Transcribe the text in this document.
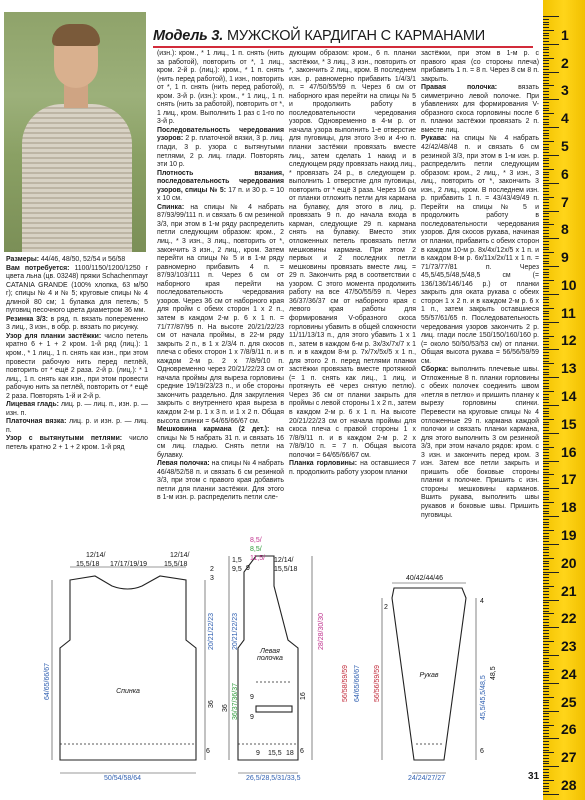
Модель 3. МУЖСКОЙ КАРДИГАН С КАРМАНАМИ

Размеры: 44/46, 48/50, 52/54 и 56/58

Вам потребуется: 1100/1150/1200/1250 г цветa льна (цв. 03248) пряжи Schachenmayr CATANIA GRANDE (100% хлопка, 63 м/50 г); спицы № 4 и № 5; круговые спицы № 4 длиной 80 см; 1 булавка для петель; 5 пуговиц песочного цвета диаметром 36 мм.

Резинка 3/3: в ряд. п. вязать попеременно 3 лиц., 3 изн., в обр. р. вязать по рисунку.

Узор для планки застёжки: число петель кратно 6 + 1 + 2 кром. 1-й ряд (лиц.): 1 кром., * 1 лиц., 1 п. снять как изн., при этом провести рабочую нить перед петлёй, повторить от * ещё 2 раза. 2-й р. (лиц.): * 1 лиц., 1 п. снять как изн., при этом провести рабочую нить за петлёй, повторить от * ещё 2 раза. Повторять 1-й и 2-й р.

Лицевая гладь: лиц. р. — лиц. п., изн. р. — изн. п.

Платочная вязка: лиц. р. и изн. р. — лиц. п.

Узор с вытянутыми петлями: число петель кратно 2 + 1 + 2 кром. 1-й ряд

(изн.): кром., * 1 лиц., 1 п. снять (нить за работой), повторить от *, 1 лиц., кром. 2-й р. (лиц.): кром., * 1 п. снять (нить перед работой), 1 изн., повторить от *, 1 п. снять (нить перед работой), кром. 3-й р. (изн.): кром., * 1 лиц., 1 п. снять (нить за работой), повторить от *, 1 лиц., кром. Выполнить 1 раз с 1-го по 3-й р.

Последовательность чередования узоров: 2 р. платочной вязки, 3 р. лиц. глади, 3 р. узора с вытянутыми петлями, 2 р. лиц. глади. Повторять эти 10 р.

Плотность вязания, последовательность чередования узоров, спицы № 5: 17 п. и 30 р. = 10 x 10 см.

Спинка: на спицы № 4 набрать 87/93/99/111 п. и связать 6 см резинкой 3/3, при этом в 1-м ряду распределить петли следующим образом: кром., 2 лиц., * 3 изн., 3 лиц., повторить от *, закончить 3 изн., 2 лиц., кром. Затем перейти на спицы № 5 и в 1-м ряду равномерно прибавить 4 п. = 87/93/103/111 п. Через 6 см от наборного края перейти на последовательность чередования узоров. Через 36 см от наборного края для пройм с обеих сторон 1 x 2 п., затем в каждом 2-м р. 6 x 1 п. = 71/77/87/95 п. На высоте 20/21/22/23 см от начала проймы, в 22-м ряду закрыть 2 п., в 1 x 2/3/4 п. для скосов плеча с обеих сторон 1 x 7/8/9/11 п. и в каждом 2-м р. 2 x 7/8/9/10 п. Одновременно через 20/21/22/23 см от начала проймы для выреза горловины средние 19/19/23/23 п., и обе стороны закончить раздельно. Для закругления закрыть с внутреннего края выреза в каждом 2-м р. 1 x 3 п. и 1 x 2 п. Общая высота спинки = 64/65/66/67 см.

Мешковина кармана (2 дет.): на спицы № 5 набрать 31 п. и связать 16 см лиц. гладью. Снять петли на булавку.

Левая полочка: на спицы № 4 набрать 46/48/52/58 п. и связать 6 см резинкой 3/3, при этом с правого края добавить петли для планки застёжки. Для этого в 1-м изн. р. распределить петли сле-

дующим образом: кром., 6 п. планки застёжки, * 3 лиц., 3 изн., повторить от *, закончить 2 лиц., кром. В последнем изн. р. равномерно прибавить 1/4/3/1 п. = 47/50/55/59 п. Через 6 см от наборного края перейти на спицы № 5 и продолжить работу в последовательности чередования узоров. Одновременно в 4-м р. от начала узора выполнить 1-е отверстие для пуговицы, для этого 3-ю и 4-ю п. планки застёжки провязать вместе лиц., затем сделать 1 накид и в следующем ряду провязать накид лиц., * провязать 24 р., в следующем р. выполнить 1 отверстие для пуговицы, повторить от * ещё 3 раза. Через 16 см от планки отложить петли для кармана на булавку, для этого в лиц. р. провязать 9 п. до начала входа в карман, следующие 29 п. кармана снять на булавку. Вместо этих отложенных петель провязать петли мешковины кармана. При этом 2 первых и 2 последних петли мешковины провязать вместе лиц. = 29 п. Закончить ряд в соответствии с узором. С этого момента продолжить работу на все 47/50/55/59 п. Через 36/37/36/37 см от наборного края с левого края работы для формирования V-образного скоса горловины убавить в общей сложности 11/11/13/13 п., для этого убавить 1 x 1 п., затем в каждом 6-м р. 3x/3x/7x/7 x 1 п. и в каждом 8-м р. 7x/7x/5x/5 x 1 п., для этого 2 п. перед петлями планки застёжки провязать вместе протяжкой (= 1 п. снять как лиц., 1 лиц. и протянуть её через снятую петлю). Через 36 см от планки закрыть для проймы с левой стороны 1 x 2 п., затем в каждом 2-м р. 6 x 1 п. На высоте 20/21/22/23 см от начала проймы для скоса плеча с правой стороны 1 x 7/8/9/11 п. и в каждом 2-м р. 2 x 7/8/9/10 п. = 7 п. Общая высота полочки = 64/65/66/67 см.

Планка горловины: на оставшиеся 7 п. продолжить работу узором планки

застёжки, при этом в 1-м р. с правого края (со стороны плеча) прибавить 1 п. = 8 п. Через 8 см 8 п. закрыть.

Правая полочка: вязать симметрично левой полочке. При убавлениях для формирования V-образного скоса горловины после 6 п. планки застёжки провязать 2 п. вместе лиц.

Рукава: на спицы № 4 набрать 42/42/48/48 п. и связать 6 см резинкой 3/3, при этом в 1-м изн. р. распределить петли следующим образом: кром., 2 лиц., * 3 изн., 3 лиц., повторить от *, закончить 3 изн., 2 лиц., кром. В последнем изн. р. прибавить 1 п. = 43/43/49/49 п. Перейти на спицы № 5 и продолжить работу в последовательности чередования узоров. Для скосов рукава, начиная от планки, прибавить с обеих сторон в каждом 10-м р. 8x/4x/12x/5 x 1 п. и в каждом 8-м р. 6x/11x/2x/11 x 1 п. = 71/73/77/81 п. Через 45,5/45,5/48,5/48,5 см (= 136/136/146/146 р.) от планки закрыть для оката рукава с обеих сторон 1 x 2 п. и в каждом 2-м р. 6 x 1 п., затем закрыть оставшиеся 55/57/61/65 п. Последовательность чередования узоров закончить 2 р. лиц. глади после 150/150/160/160 р. (= около 50/50/53/53 см) от планки. Общая высота рукава = 56/56/59/59 см.

Сборка: выполнить плечевые швы. Отложенные 8 п. планки горловины с обеих полочек соединить швом «петля в петлю» и пришить планку к вырезу горловины спинки. Перевести на круговые спицы № 4 отложенные 29 п. кармана каждой полочки и связать планки кармана, для этого выполнить 3 см резинкой 3/3, при этом начало рядов: кром. с 3 изн. и закончить перед кром. 3 изн. Затем все петли закрыть и пришить обе боковые стороны планки к полочке. Пришить с изн. стороны мешковины карманов. Вшить рукава, выполнить швы рукавов и боковые швы. Пришить пуговицы.

12/14/
15,5/18 17/17/19/19
12/14/
15,5/18
2
3
20/21/22/23
64/65/66/67
36
6
Спинка
50/54/58/64
8,5/
8,5/
11,5/
9
1,5
9,5
12/14/
15,5/18
20/21/22/23	28/28/30/30
36/37/36/37
36
16
9
9
9 15,5 18 6
Левая полочка
26,5/28,5/31/33,5
56/58/59/59 64/65/66/67
40/42/44/46
2
4
56/56/59/59	45,5/45,5/48,5
48,5
6
Рукав
24/24/27/27
1
2
3
4
5
6
7
8
9
10
11
12
13
14
15
16
17
18
19
20
21
22
23
24
25
26
27
28
31
